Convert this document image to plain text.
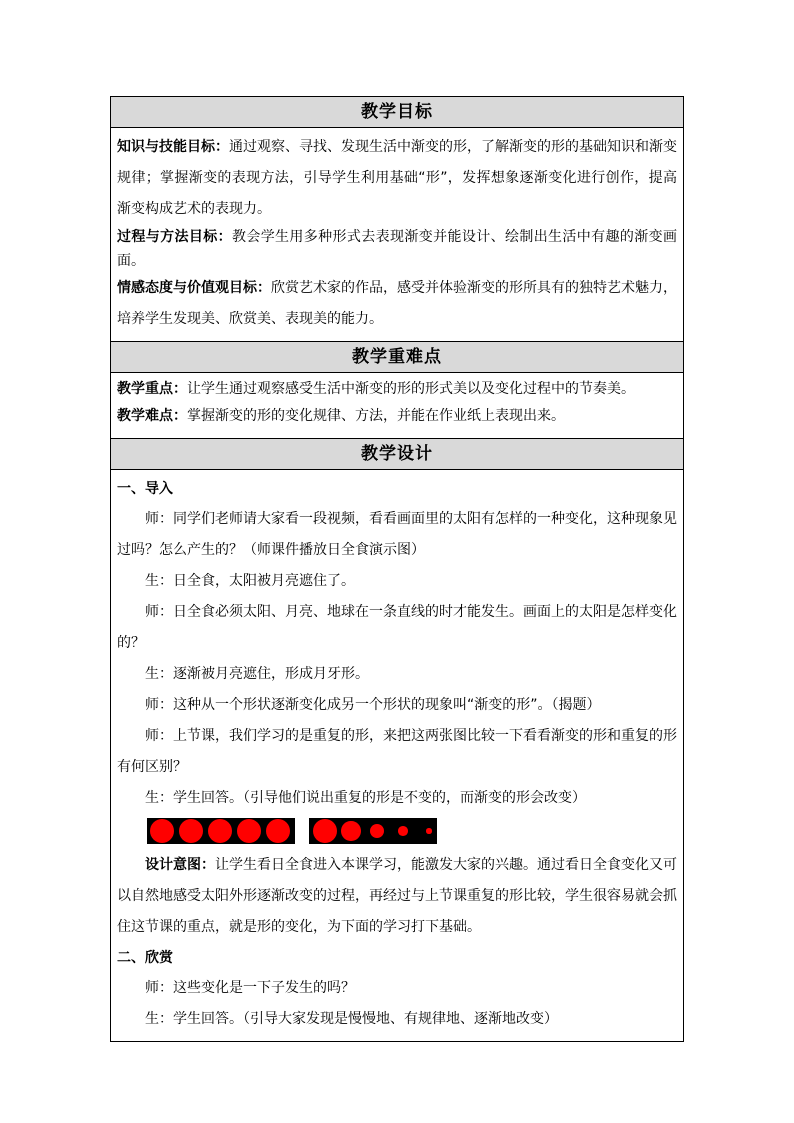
教学目标

知识与技能目标：通过观察、寻找、发现生活中渐变的形，了解渐变的形的基础知识和渐变规律；掌握渐变的表现方法，引导学生利用基础“形”，发挥想象逐渐变化进行创作，提高渐变构成艺术的表现力。

过程与方法目标：教会学生用多种形式去表现渐变并能设计、绘制出生活中有趣的渐变画面。

情感态度与价值观目标：欣赏艺术家的作品，感受并体验渐变的形所具有的独特艺术魅力，培养学生发现美、欣赏美、表现美的能力。

教学重难点

教学重点：让学生通过观察感受生活中渐变的形的形式美以及变化过程中的节奏美。

教学难点：掌握渐变的形的变化规律、方法，并能在作业纸上表现出来。

教学设计
一、导入

师：同学们老师请大家看一段视频，看看画面里的太阳有怎样的一种变化，这种现象见过吗？怎么产生的？（师课件播放日全食演示图）

生：日全食，太阳被月亮遮住了。

师：日全食必须太阳、月亮、地球在一条直线的时才能发生。画面上的太阳是怎样变化的？

生：逐渐被月亮遮住，形成月牙形。

师：这种从一个形状逐渐变化成另一个形状的现象叫“渐变的形”。（揭题）

师：上节课，我们学习的是重复的形，来把这两张图比较一下看看渐变的形和重复的形有何区别？

生：学生回答。（引导他们说出重复的形是不变的，而渐变的形会改变）

设计意图：让学生看日全食进入本课学习，能激发大家的兴趣。通过看日全食变化又可以自然地感受太阳外形逐渐改变的过程，再经过与上节课重复的形比较，学生很容易就会抓住这节课的重点，就是形的变化，为下面的学习打下基础。

二、欣赏

师：这些变化是一下子发生的吗？

生：学生回答。（引导大家发现是慢慢地、有规律地、逐渐地改变）
